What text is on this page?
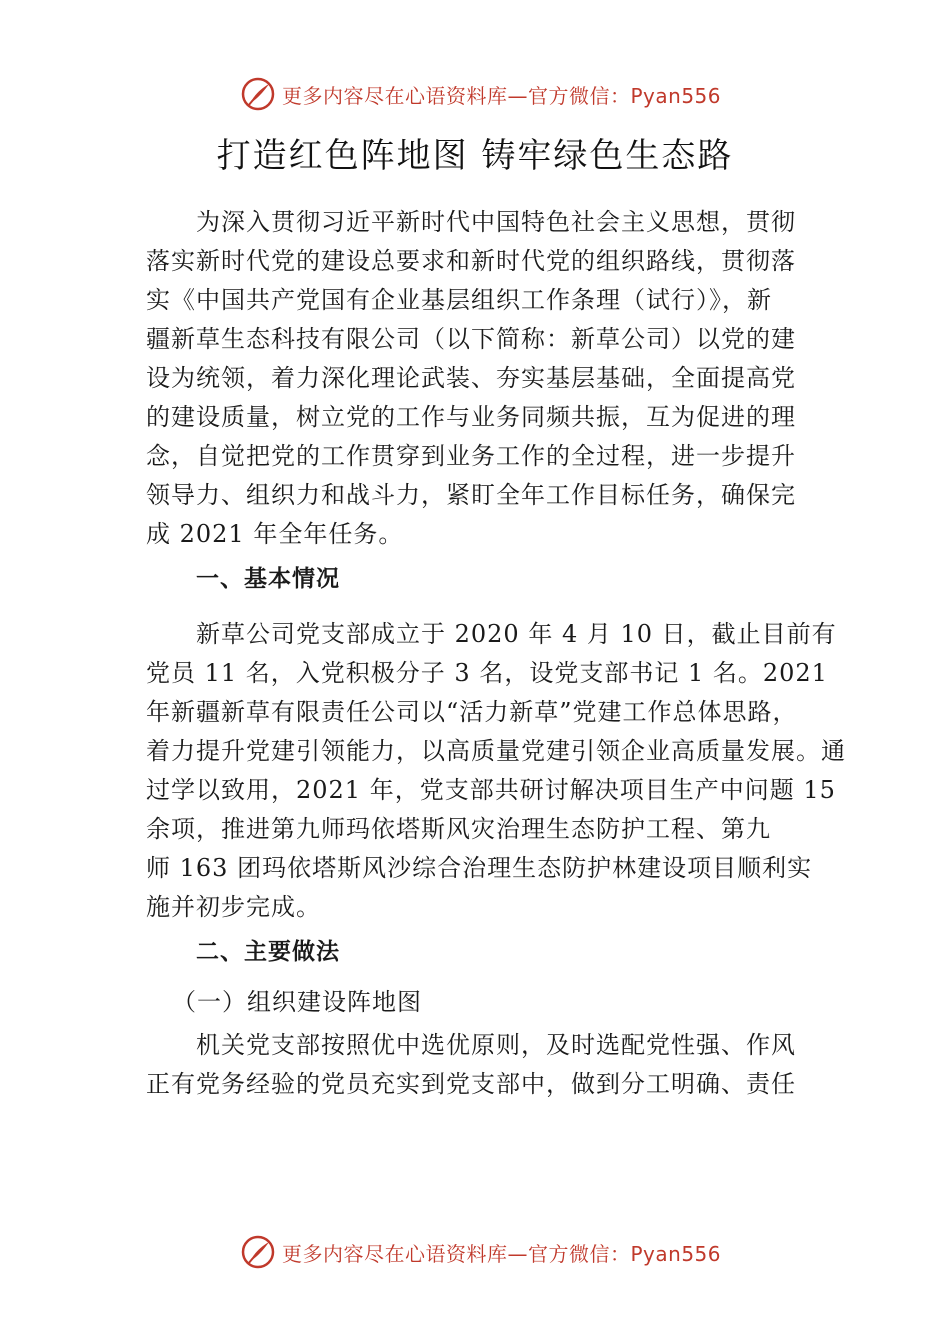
更多内容尽在心语资料库—官方微信：Pyan556
打造红色阵地图 铸牢绿色生态路
为深入贯彻习近平新时代中国特色社会主义思想，贯彻
落实新时代党的建设总要求和新时代党的组织路线，贯彻落
实《中国共产党国有企业基层组织工作条理（试行）》，新
疆新草生态科技有限公司（以下简称：新草公司）以党的建
设为统领，着力深化理论武装、夯实基层基础，全面提高党
的建设质量，树立党的工作与业务同频共振，互为促进的理
念，自觉把党的工作贯穿到业务工作的全过程，进一步提升
领导力、组织力和战斗力，紧盯全年工作目标任务，确保完
成 2021 年全年任务。
一、基本情况
新草公司党支部成立于 2020 年 4 月 10 日，截止目前有
党员 11 名，入党积极分子 3 名，设党支部书记 1 名。2021
年新疆新草有限责任公司以“活力新草”党建工作总体思路，
着力提升党建引领能力，以高质量党建引领企业高质量发展。通
过学以致用，2021 年，党支部共研讨解决项目生产中问题 15
余项，推进第九师玛依塔斯风灾治理生态防护工程、第九
师 163 团玛依塔斯风沙综合治理生态防护林建设项目顺利实
施并初步完成。
二、主要做法
（一）组织建设阵地图
机关党支部按照优中选优原则，及时选配党性强、作风
正有党务经验的党员充实到党支部中，做到分工明确、责任
更多内容尽在心语资料库—官方微信：Pyan556
